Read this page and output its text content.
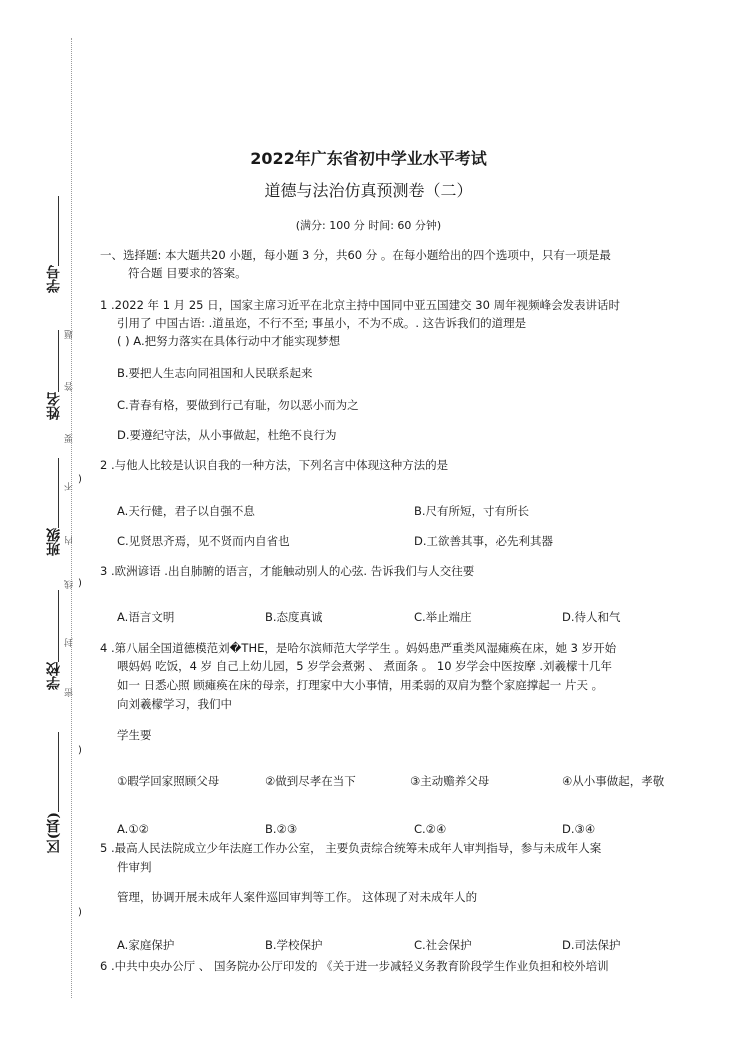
学号
姓名
班级
学校
区(县)
题
答
要
不
内
线
封
密
)
)
)
)
2022年广东省初中学业水平考试
道德与法治仿真预测卷（二）
(满分: 100 分 时间: 60 分钟)
一、选择题: 本大题共20 小题，每小题 3 分，共60 分 。在每小题给出的四个选项中，只有一项是最
符合题 目要求的答案。
1 .2022 年 1 月 25 日，国家主席习近平在北京主持中国同中亚五国建交 30 周年视频峰会发表讲话时
引用了 中国古语: .道虽迩，不行不至; 事虽小，不为不成。. 这告诉我们的道理是
( ) A.把努力落实在具体行动中才能实现梦想
B.要把人生志向同祖国和人民联系起来
C.青春有格，要做到行己有耻，勿以恶小而为之
D.要遵纪守法，从小事做起，杜绝不良行为
2 .与他人比较是认识自我的一种方法，下列名言中体现这种方法的是
A.天行健，君子以自强不息	B.尺有所短，寸有所长
C.见贤思齐焉，见不贤而内自省也	D.工欲善其事，必先利其器
3 .欧洲谚语 .出自肺腑的语言，才能触动别人的心弦. 告诉我们与人交往要
A.语言文明	B.态度真诚	C.举止端庄	D.待人和气
4 .第八届全国道德模范刘�THE，是哈尔滨师范大学学生 。妈妈患严重类风湿瘫痪在床，她 3 岁开始
喂妈妈 吃饭，4 岁 自己上幼儿园，5 岁学会煮粥 、 煮面条 。 10 岁学会中医按摩 .刘羲檬十几年
如一 日悉心照 顾瘫痪在床的母亲，打理家中大小事情，用柔弱的双肩为整个家庭撑起一 片天 。
向刘羲檬学习，我们中
学生要
①暇学回家照顾父母	②做到尽孝在当下	③主动赡养父母	④从小事做起，孝敬
A.①②	B.②③	C.②④	D.③④
5 .最高人民法院成立少年法庭工作办公室， 主要负责综合统筹未成年人审判指导，参与未成年人案
件审判
管理，协调开展未成年人案件巡回审判等工作。 这体现了对未成年人的
A.家庭保护	B.学校保护	C.社会保护	D.司法保护
6 .中共中央办公厅 、 国务院办公厅印发的 《关于进一步减轻义务教育阶段学生作业负担和校外培训
